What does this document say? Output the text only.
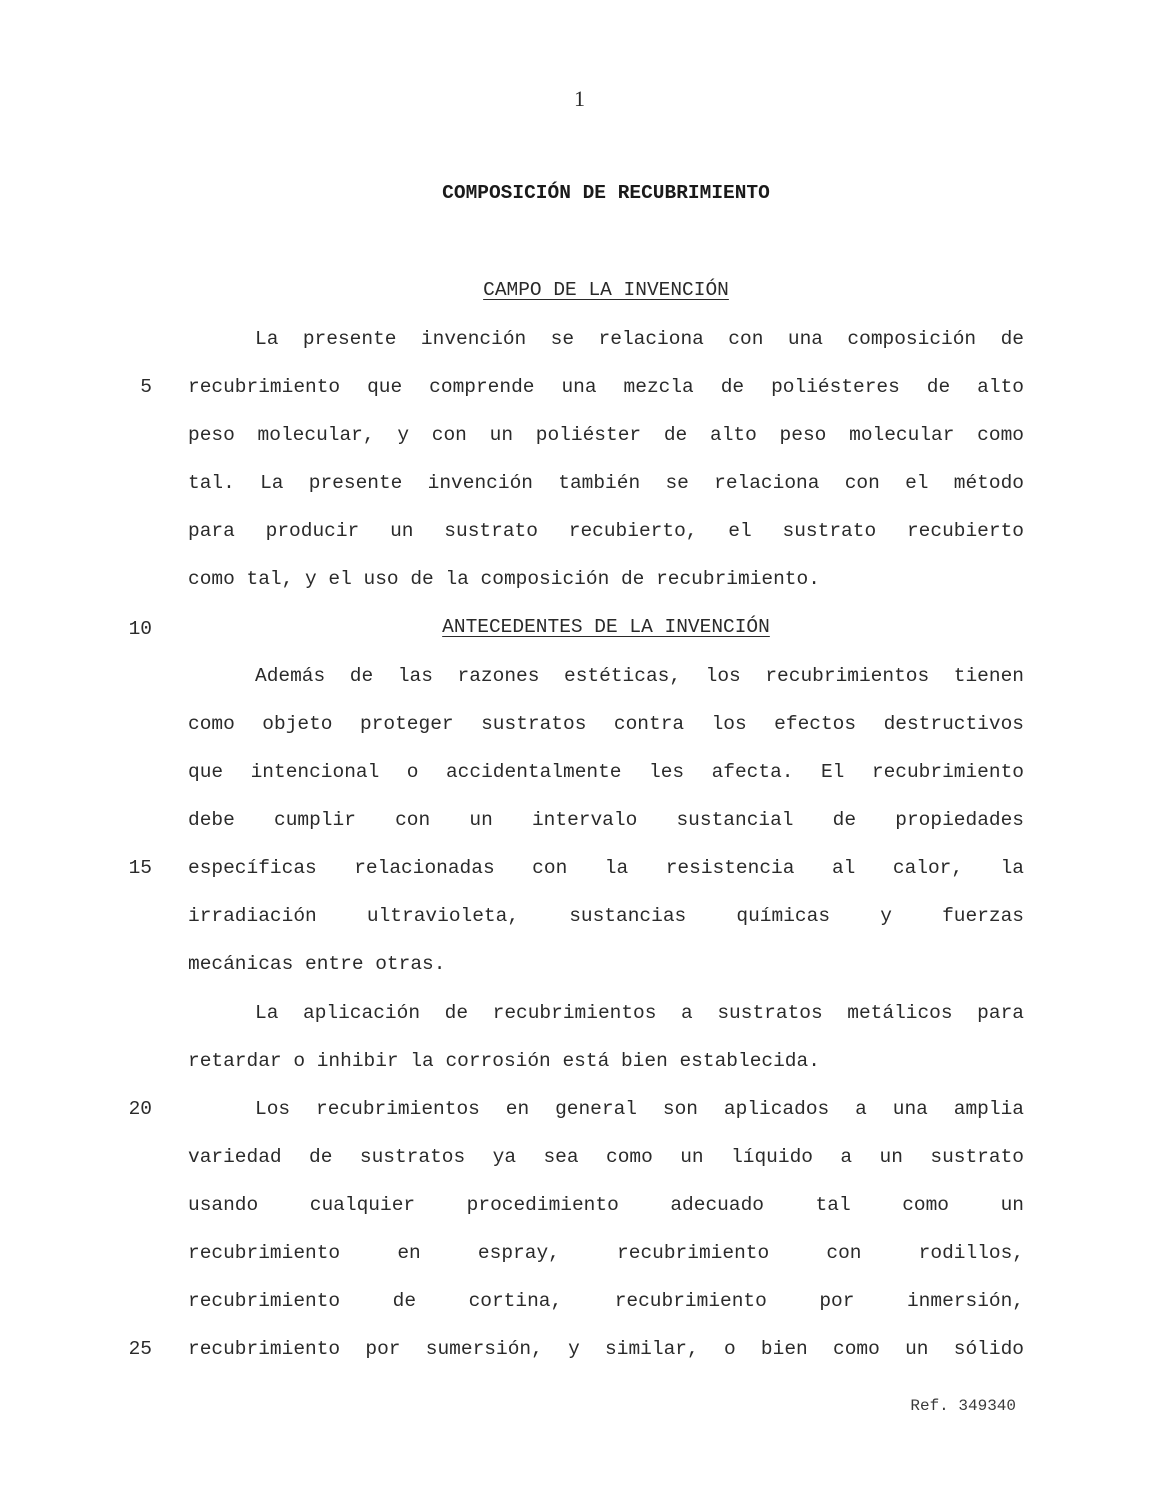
1
COMPOSICIÓN DE RECUBRIMIENTO
CAMPO DE LA INVENCIÓN
La presente invención se relaciona con una composición de
recubrimiento que comprende una mezcla de poliésteres de alto
peso molecular, y con un poliéster de alto peso molecular como
tal. La presente invención también se relaciona con el método
para producir un sustrato recubierto, el sustrato recubierto
como tal, y el uso de la composición de recubrimiento.
ANTECEDENTES DE LA INVENCIÓN
Además de las razones estéticas, los recubrimientos tienen
como objeto proteger sustratos contra los efectos destructivos
que intencional o accidentalmente les afecta. El recubrimiento
debe cumplir con un intervalo sustancial de propiedades
específicas relacionadas con la resistencia al calor, la
irradiación ultravioleta, sustancias químicas y fuerzas
mecánicas entre otras.
La aplicación de recubrimientos a sustratos metálicos para
retardar o inhibir la corrosión está bien establecida.
Los recubrimientos en general son aplicados a una amplia
variedad de sustratos ya sea como un líquido a un sustrato
usando cualquier procedimiento adecuado tal como un
recubrimiento en espray, recubrimiento con rodillos,
recubrimiento de cortina, recubrimiento por inmersión,
recubrimiento por sumersión, y similar, o bien como un sólido
5
10
15
20
25
Ref. 349340
